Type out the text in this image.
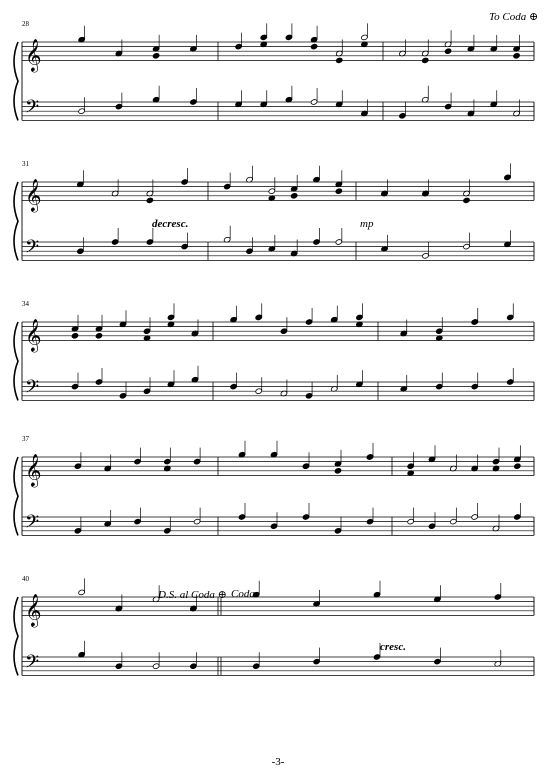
To Coda ⊕
𝄞
𝄢
28
𝄞
𝄢
31
decresc.	mp
𝄞
𝄢
34
𝄞
𝄢
37
𝄞
𝄢
40
cresc.
D.S. al Coda ⊕ Coda
-3-
